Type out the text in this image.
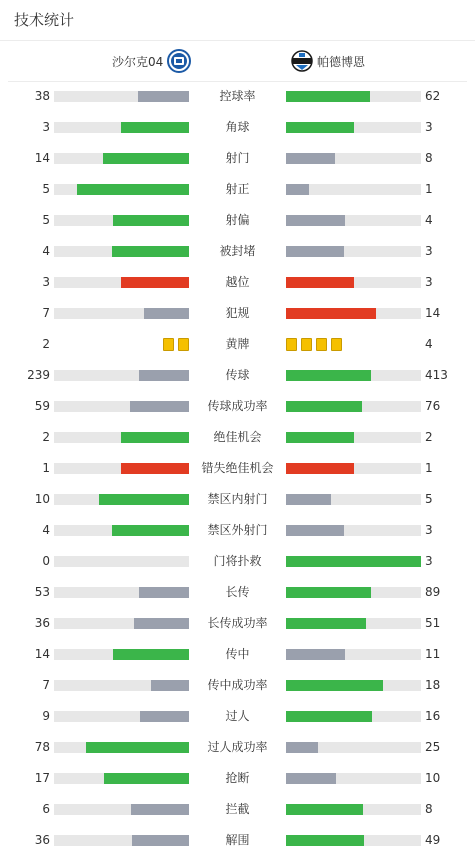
技术统计
沙尔克04	帕德博恩
38	控球率	62
3	角球	3
14	射门	8
5	射正	1
5	射偏	4
4	被封堵	3
3	越位	3
7	犯规	14
2	黄牌	4
239	传球	413
59	传球成功率	76
2	绝佳机会	2
1	错失绝佳机会	1
10	禁区内射门	5
4	禁区外射门	3
0	门将扑救	3
53	长传	89
36	长传成功率	51
14	传中	11
7	传中成功率	18
9	过人	16
78	过人成功率	25
17	抢断	10
6	拦截	8
36	解围	49
